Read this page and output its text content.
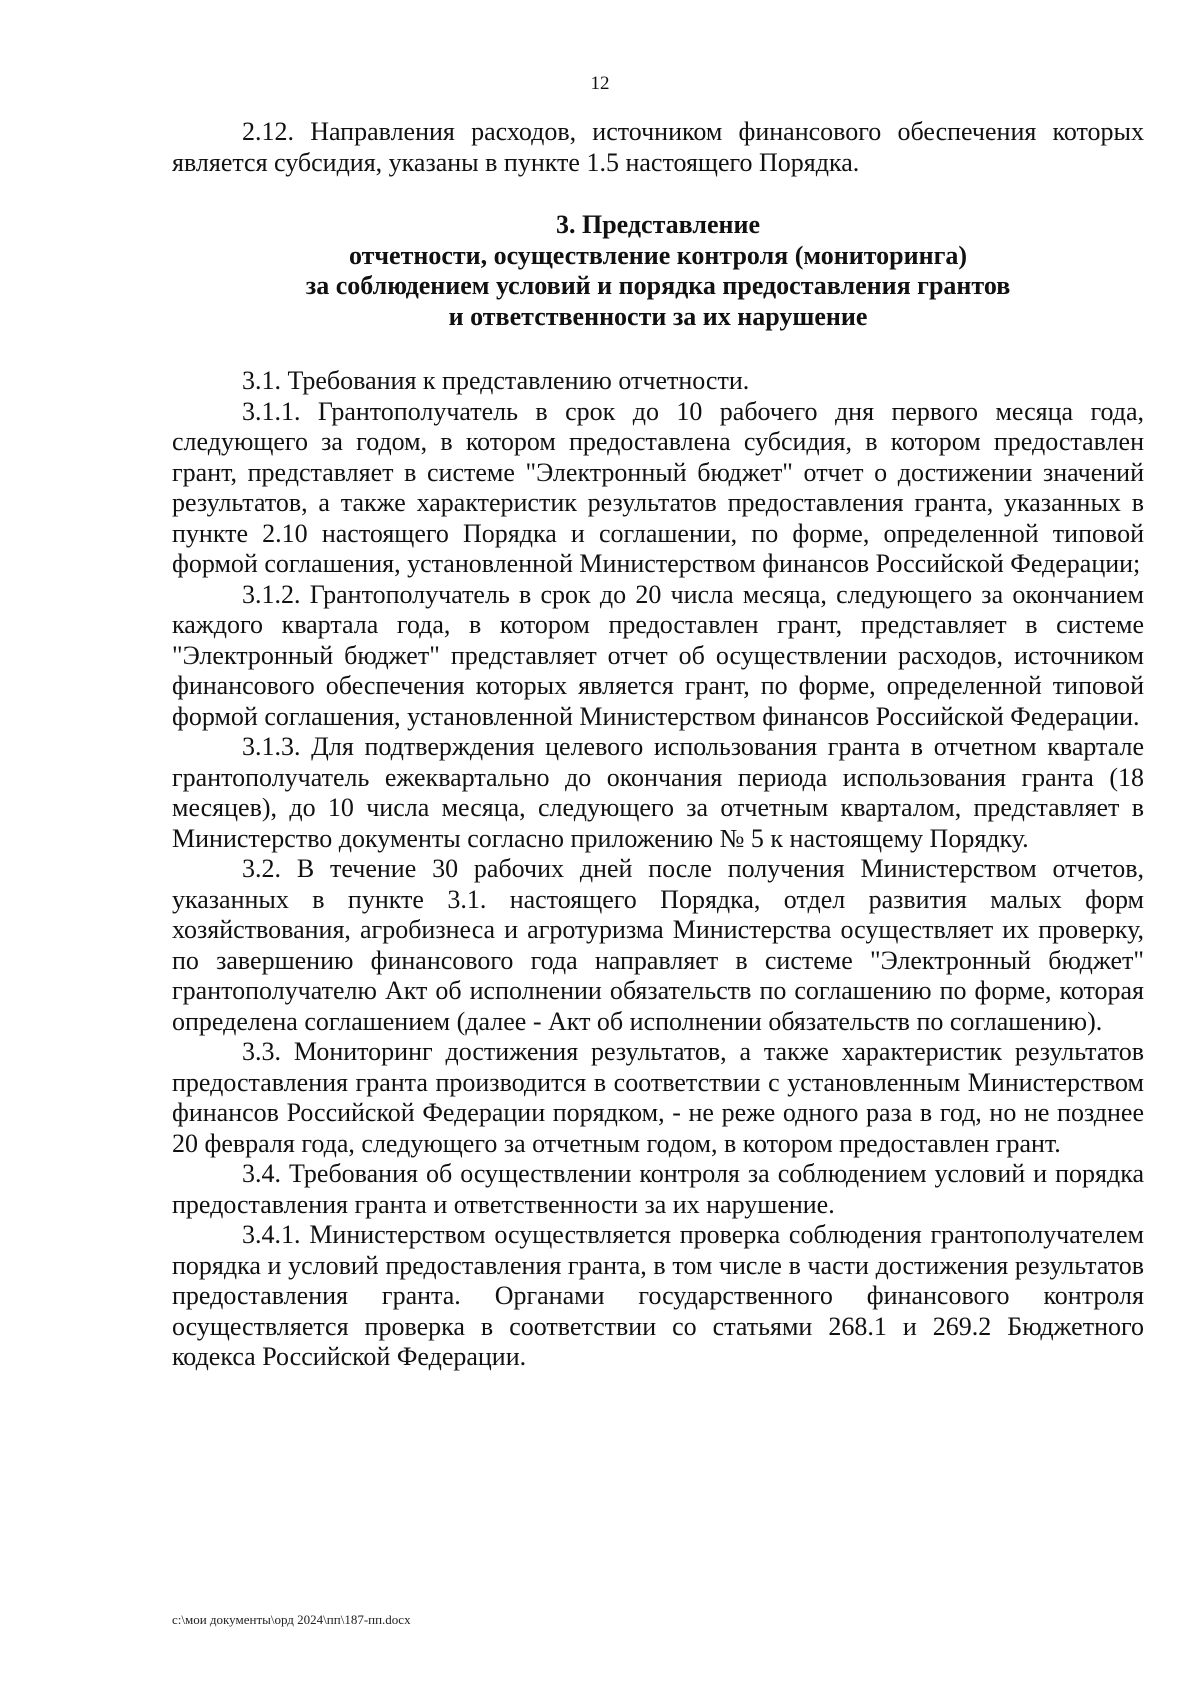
12

2.12. Направления расходов, источником финансового обеспечения которых является субсидия, указаны в пункте 1.5 настоящего Порядка.

3. Представление
отчетности, осуществление контроля (мониторинга)
за соблюдением условий и порядка предоставления грантов
и ответственности за их нарушение

3.1. Требования к представлению отчетности.

3.1.1. Грантополучатель в срок до 10 рабочего дня первого месяца года, следующего за годом, в котором предоставлена субсидия, в котором предоставлен грант, представляет в системе "Электронный бюджет" отчет о достижении значений результатов, а также характеристик результатов предоставления гранта, указанных в пункте 2.10 настоящего Порядка и соглашении, по форме, определенной типовой формой соглашения, установленной Министерством финансов Российской Федерации;

3.1.2. Грантополучатель в срок до 20 числа месяца, следующего за окончанием каждого квартала года, в котором предоставлен грант, представляет в системе "Электронный бюджет" представляет отчет об осуществлении расходов, источником финансового обеспечения которых является грант, по форме, определенной типовой формой соглашения, установленной Министерством финансов Российской Федерации.

3.1.3. Для подтверждения целевого использования гранта в отчетном квартале грантополучатель ежеквартально до окончания периода использования гранта (18 месяцев), до 10 числа месяца, следующего за отчетным кварталом, представляет в Министерство документы согласно приложению № 5 к настоящему Порядку.

3.2. В течение 30 рабочих дней после получения Министерством отчетов, указанных в пункте 3.1. настоящего Порядка, отдел развития малых форм хозяйствования, агробизнеса и агротуризма Министерства осуществляет их проверку, по завершению финансового года направляет в системе "Электронный бюджет" грантополучателю Акт об исполнении обязательств по соглашению по форме, которая определена соглашением (далее - Акт об исполнении обязательств по соглашению).

3.3. Мониторинг достижения результатов, а также характеристик результатов предоставления гранта производится в соответствии с установленным Министерством финансов Российской Федерации порядком, - не реже одного раза в год, но не позднее 20 февраля года, следующего за отчетным годом, в котором предоставлен грант.

3.4. Требования об осуществлении контроля за соблюдением условий и порядка предоставления гранта и ответственности за их нарушение.

3.4.1. Министерством осуществляется проверка соблюдения грантополучателем порядка и условий предоставления гранта, в том числе в части достижения результатов предоставления гранта. Органами государственного финансового контроля осуществляется проверка в соответствии со статьями 268.1 и 269.2 Бюджетного кодекса Российской Федерации.

c:\мои документы\орд 2024\пп\187-пп.docx
